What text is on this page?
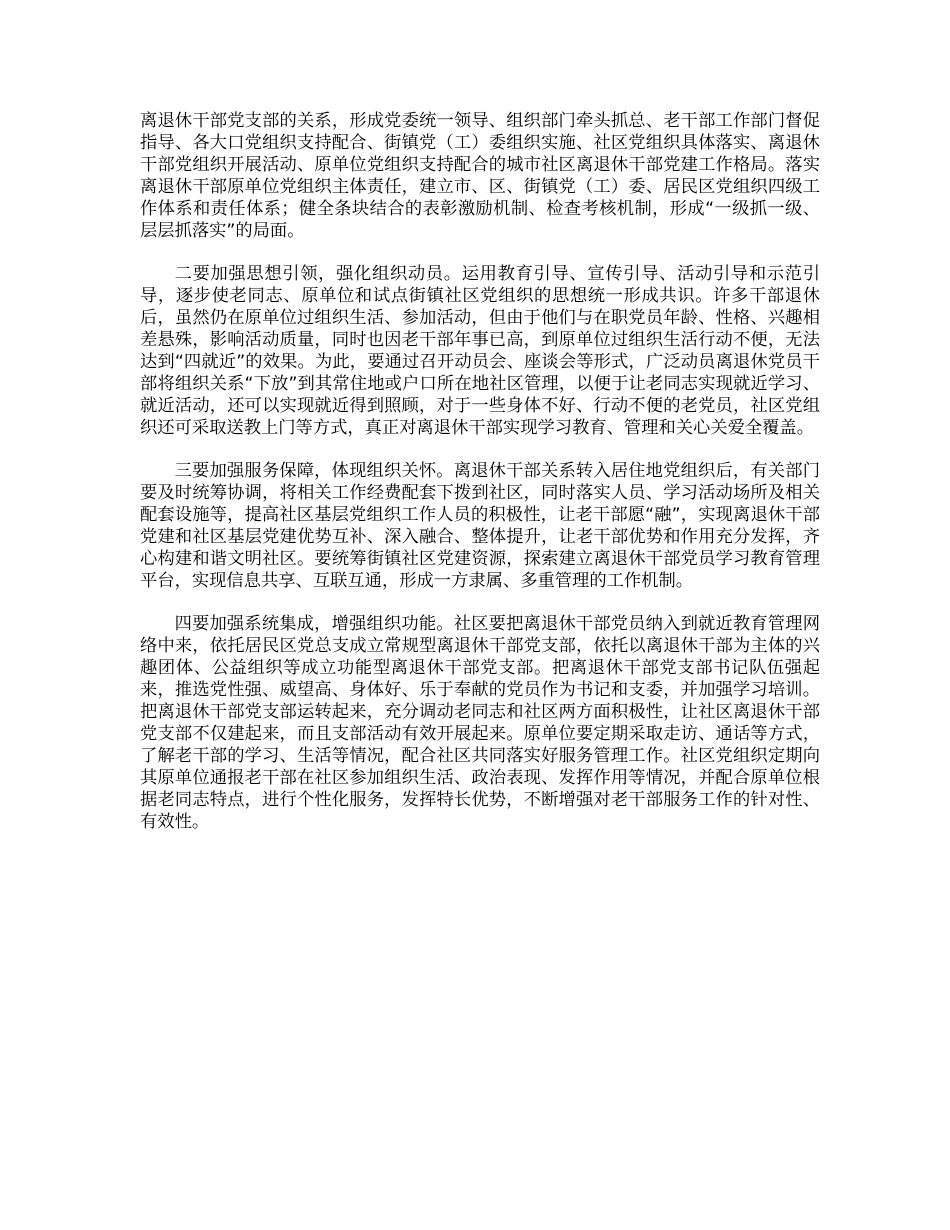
离退休干部党支部的关系，形成党委统一领导、组织部门牵头抓总、老干部工作部门督促指导、各大口党组织支持配合、街镇党（工）委组织实施、社区党组织具体落实、离退休干部党组织开展活动、原单位党组织支持配合的城市社区离退休干部党建工作格局。落实离退休干部原单位党组织主体责任，建立市、区、街镇党（工）委、居民区党组织四级工作体系和责任体系；健全条块结合的表彰激励机制、检查考核机制，形成“一级抓一级、层层抓落实”的局面。

二要加强思想引领，强化组织动员。运用教育引导、宣传引导、活动引导和示范引导，逐步使老同志、原单位和试点街镇社区党组织的思想统一形成共识。许多干部退休后，虽然仍在原单位过组织生活、参加活动，但由于他们与在职党员年龄、性格、兴趣相差悬殊，影响活动质量，同时也因老干部年事已高，到原单位过组织生活行动不便，无法达到“四就近”的效果。为此，要通过召开动员会、座谈会等形式，广泛动员离退休党员干部将组织关系“下放”到其常住地或户口所在地社区管理，以便于让老同志实现就近学习、就近活动，还可以实现就近得到照顾，对于一些身体不好、行动不便的老党员，社区党组织还可采取送教上门等方式，真正对离退休干部实现学习教育、管理和关心关爱全覆盖。

三要加强服务保障，体现组织关怀。离退休干部关系转入居住地党组织后，有关部门要及时统筹协调，将相关工作经费配套下拨到社区，同时落实人员、学习活动场所及相关配套设施等，提高社区基层党组织工作人员的积极性，让老干部愿“融”，实现离退休干部党建和社区基层党建优势互补、深入融合、整体提升，让老干部优势和作用充分发挥，齐心构建和谐文明社区。要统筹街镇社区党建资源，探索建立离退休干部党员学习教育管理平台，实现信息共享、互联互通，形成一方隶属、多重管理的工作机制。

四要加强系统集成，增强组织功能。社区要把离退休干部党员纳入到就近教育管理网络中来，依托居民区党总支成立常规型离退休干部党支部，依托以离退休干部为主体的兴趣团体、公益组织等成立功能型离退休干部党支部。把离退休干部党支部书记队伍强起来，推选党性强、威望高、身体好、乐于奉献的党员作为书记和支委，并加强学习培训。把离退休干部党支部运转起来，充分调动老同志和社区两方面积极性，让社区离退休干部党支部不仅建起来，而且支部活动有效开展起来。原单位要定期采取走访、通话等方式，了解老干部的学习、生活等情况，配合社区共同落实好服务管理工作。社区党组织定期向其原单位通报老干部在社区参加组织生活、政治表现、发挥作用等情况，并配合原单位根据老同志特点，进行个性化服务，发挥特长优势，不断增强对老干部服务工作的针对性、有效性。
